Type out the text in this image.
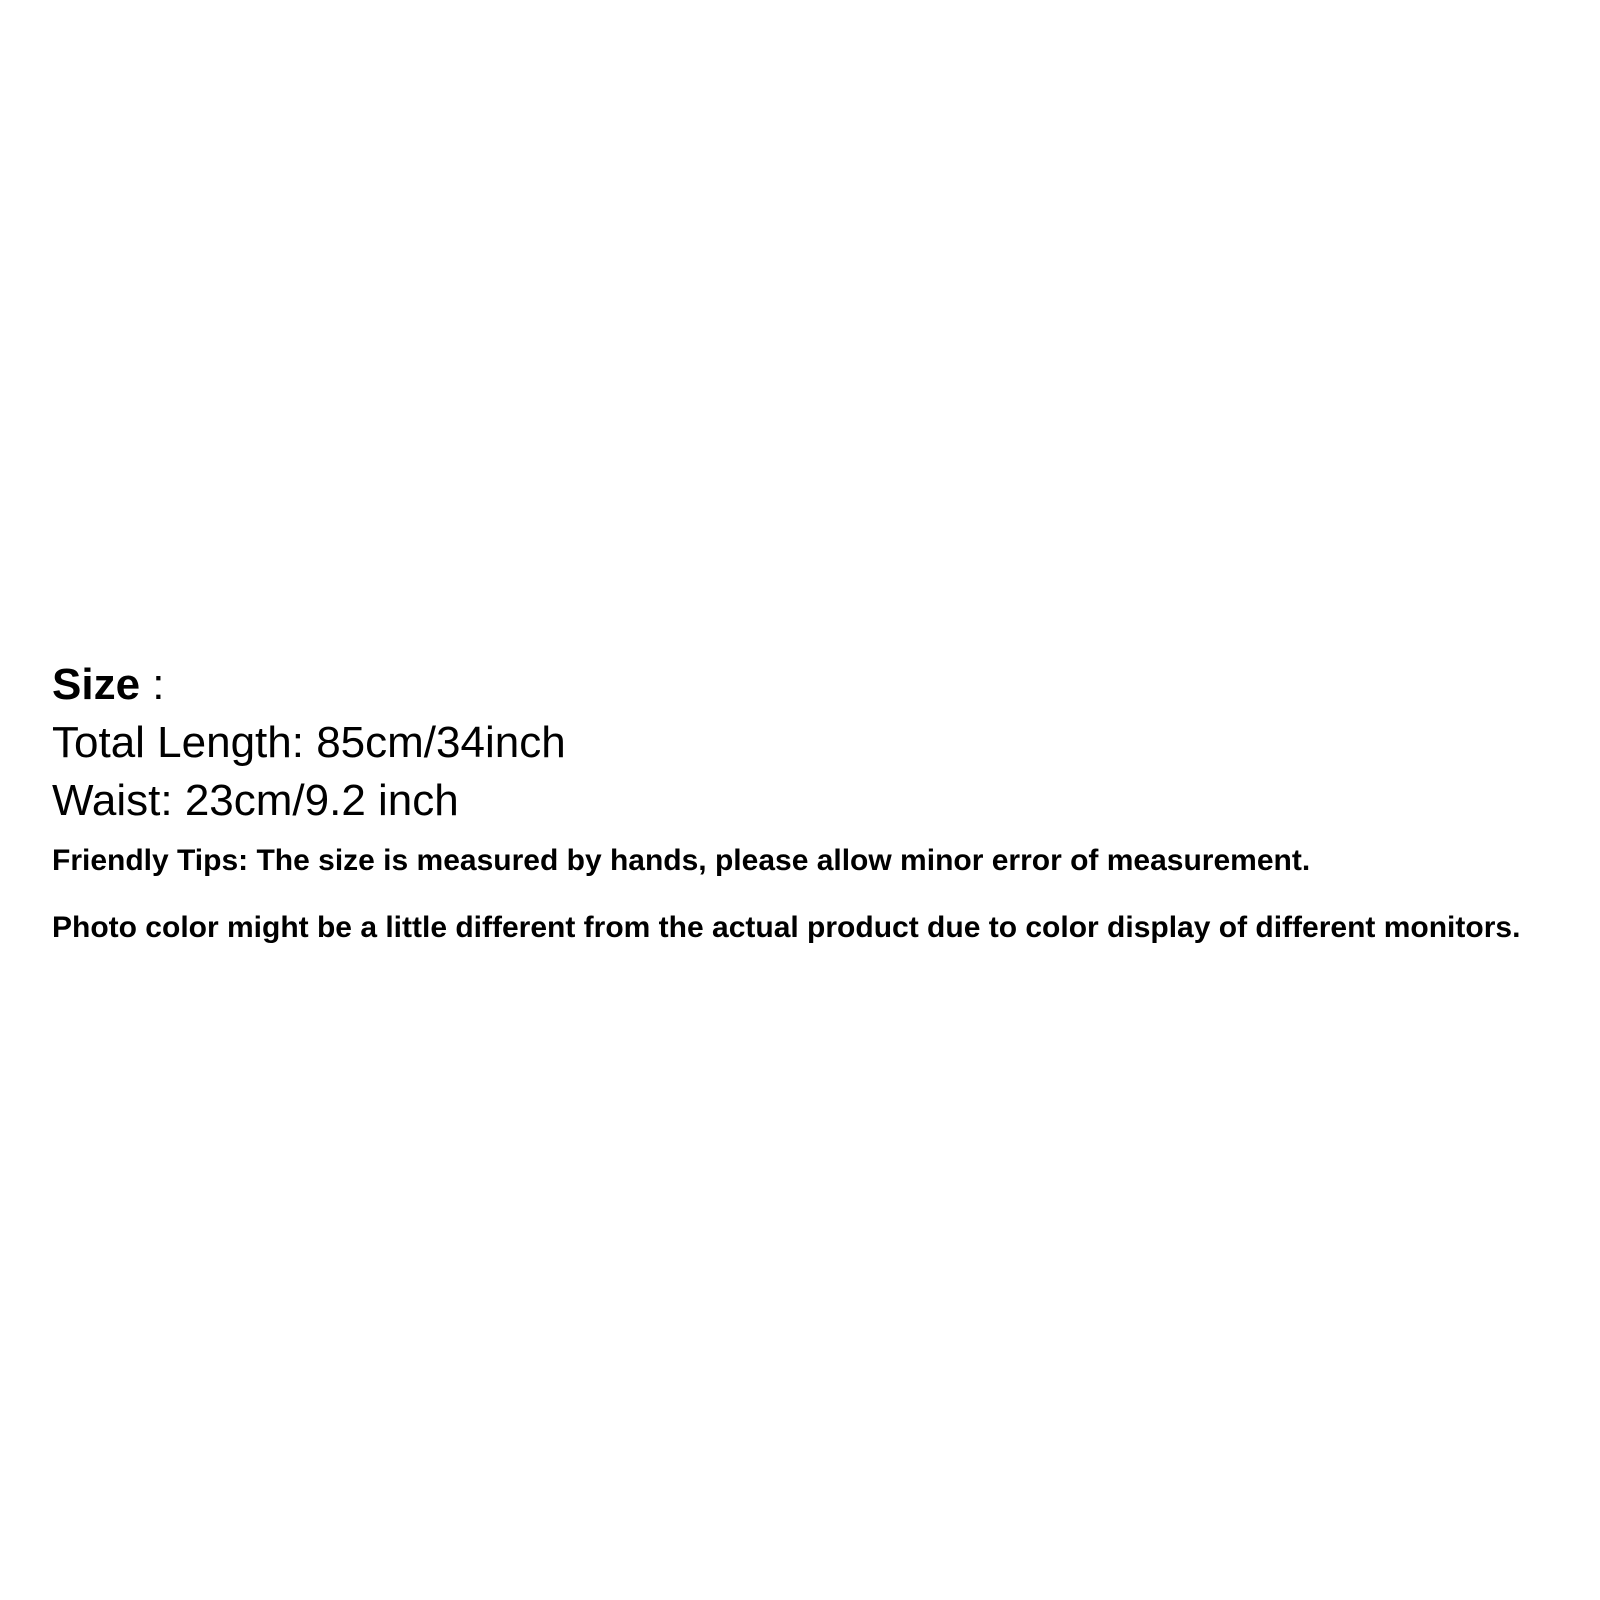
Size :
Total Length: 85cm/34inch
Waist: 23cm/9.2 inch

Friendly Tips: The size is measured by hands, please allow minor error of measurement.

Photo color might be a little different from the actual product due to color display of different monitors.
